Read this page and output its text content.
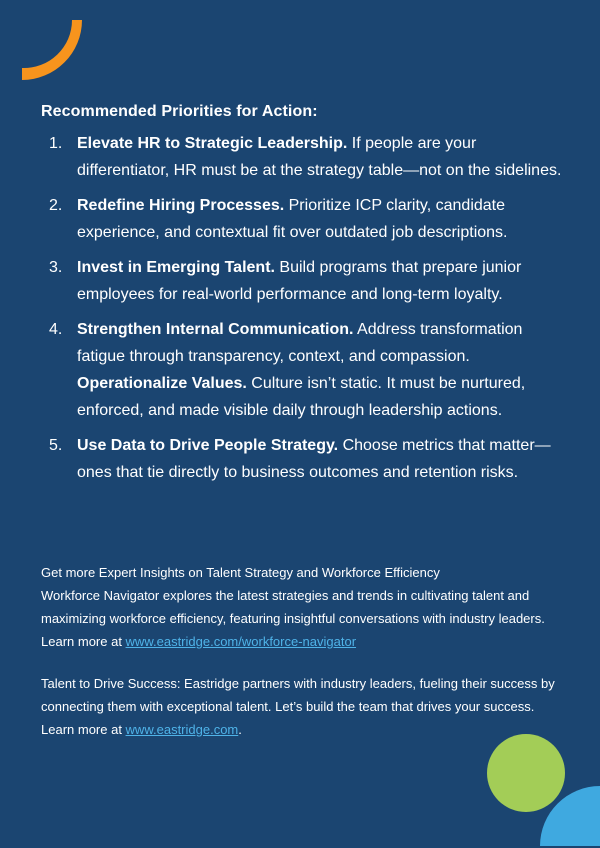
Recommended Priorities for Action:
1. Elevate HR to Strategic Leadership. If people are your differentiator, HR must be at the strategy table—not on the sidelines.
2. Redefine Hiring Processes. Prioritize ICP clarity, candidate experience, and contextual fit over outdated job descriptions.
3. Invest in Emerging Talent. Build programs that prepare junior employees for real-world performance and long-term loyalty.
4. Strengthen Internal Communication. Address transformation fatigue through transparency, context, and compassion. Operationalize Values. Culture isn’t static. It must be nurtured, enforced, and made visible daily through leadership actions.
5. Use Data to Drive People Strategy. Choose metrics that matter—ones that tie directly to business outcomes and retention risks.

Get more Expert Insights on Talent Strategy and Workforce Efficiency
Workforce Navigator explores the latest strategies and trends in cultivating talent and maximizing workforce efficiency, featuring insightful conversations with industry leaders. Learn more at www.eastridge.com/workforce-navigator

Talent to Drive Success: Eastridge partners with industry leaders, fueling their success by connecting them with exceptional talent. Let’s build the team that drives your success. Learn more at www.eastridge.com.
